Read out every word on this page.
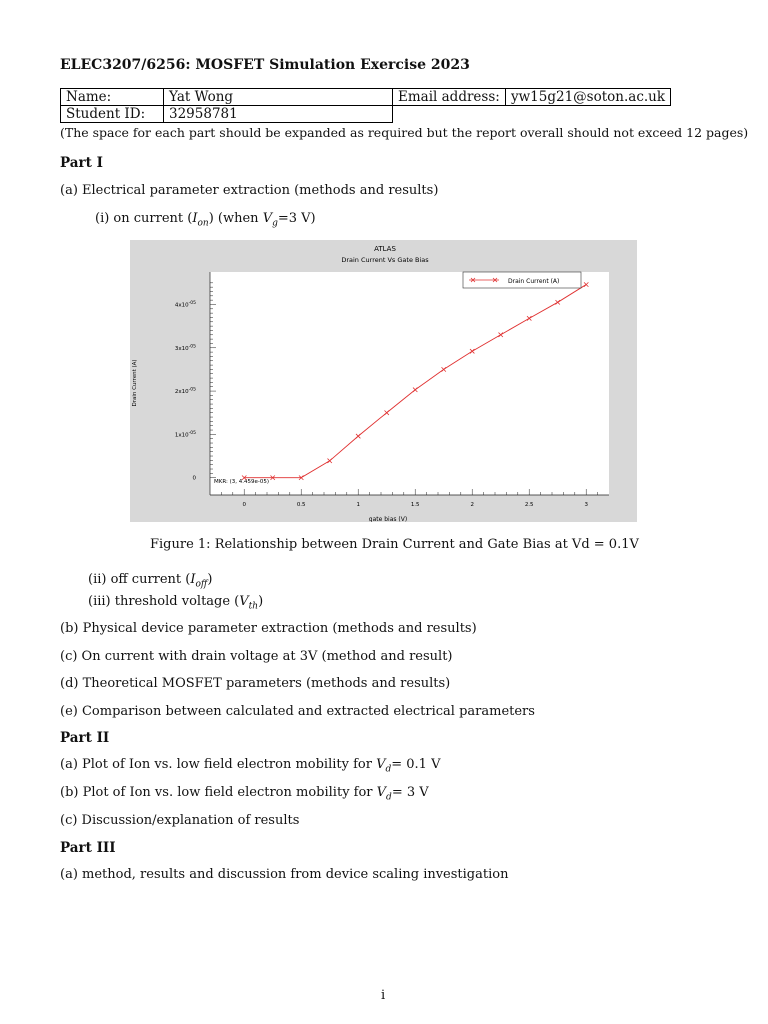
ELEC3207/6256: MOSFET Simulation Exercise 2023
Name:	Yat Wong	Email address:	yw15g21@soton.ac.uk
Student ID:	32958781		
(The space for each part should be expanded as required but the report overall should not exceed 12 pages)
Part I
(a) Electrical parameter extraction (methods and results)
(i) on current $(I_{on})$ (when $V_g=3$ V)
ATLAS
Drain Current Vs Gate Bias
gate bias (V)
Drain Current (A)
MKR: (3, 4.459e-05)
0	0.5	1	1.5	2	2.5	3
0
$1x10^{-05}$
$2x10^{-05}$
$3x10^{-05}$
$4x10^{-05}$
Drain Current (A)
Figure 1: Relationship between Drain Current and Gate Bias at Vd = 0.1V
(ii) off current $(I_{off})$
(iii) threshold voltage $(V_{th})$
(b) Physical device parameter extraction (methods and results)
(c) On current with drain voltage at 3V (method and result)
(d) Theoretical MOSFET parameters (methods and results)
(e) Comparison between calculated and extracted electrical parameters
Part II
(a) Plot of Ion vs. low field electron mobility for $V_d= 0.1$ V
(b) Plot of Ion vs. low field electron mobility for $V_d= 3$ V
(c) Discussion/explanation of results
Part III
(a) method, results and discussion from device scaling investigation
i
